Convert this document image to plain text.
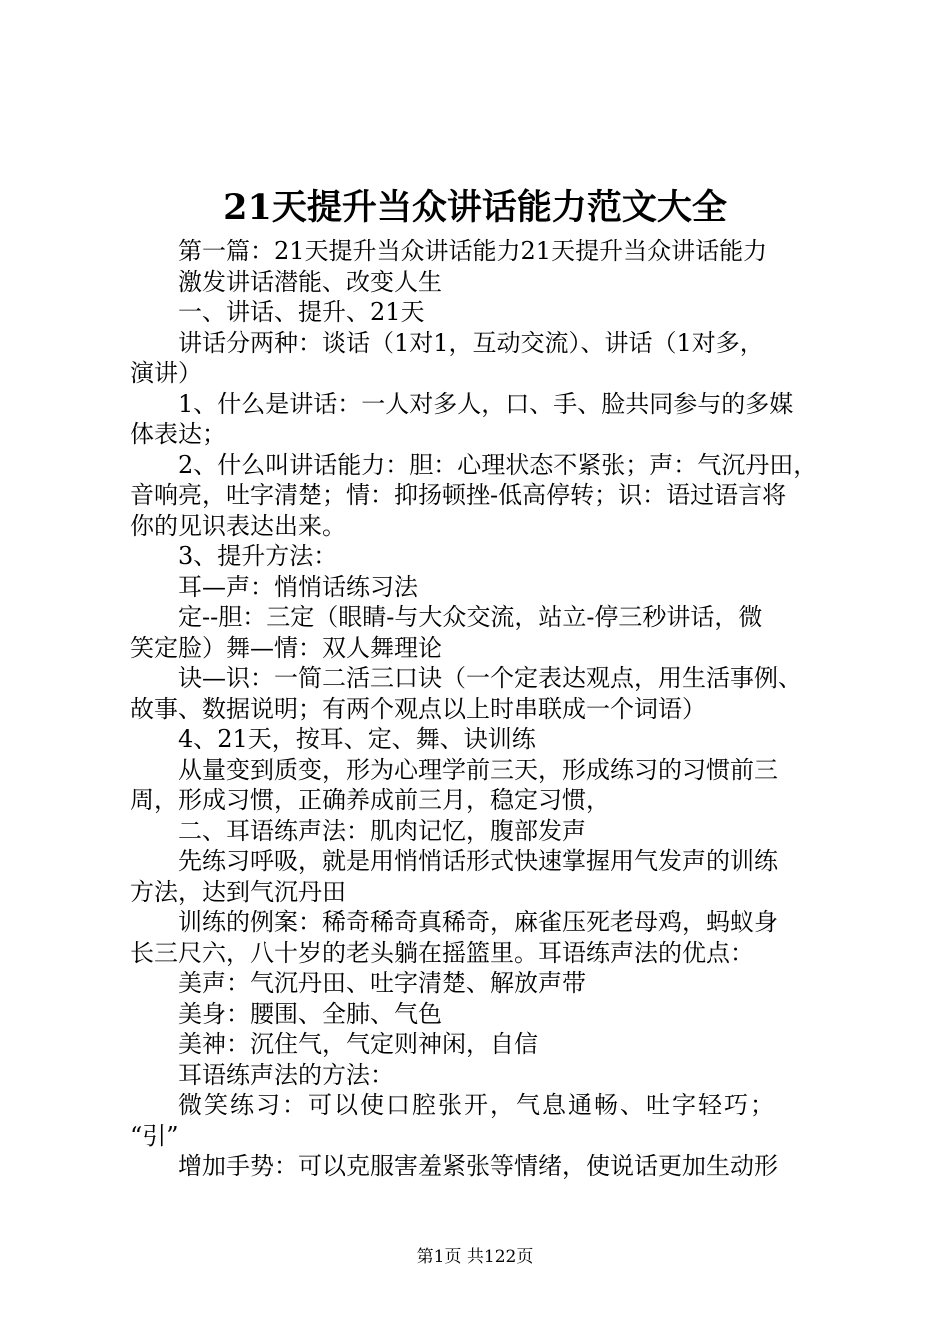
21天提升当众讲话能力范文大全

第一篇：21天提升当众讲话能力21天提升当众讲话能力

激发讲话潜能、改变人生

一、讲话、提升、21天

讲话分两种：谈话（1对1，互动交流）、讲话（1对多，

演讲）

1、什么是讲话：一人对多人，口、手、脸共同参与的多媒

体表达；

2、什么叫讲话能力：胆：心理状态不紧张；声：气沉丹田，

音响亮，吐字清楚；情：抑扬顿挫-低高停转；识：语过语言将

你的见识表达出来。

3、提升方法：

耳—声：悄悄话练习法

定--胆：三定（眼睛-与大众交流，站立-停三秒讲话，微

笑定脸）舞—情：双人舞理论

诀—识：一简二活三口诀（一个定表达观点，用生活事例、

故事、数据说明；有两个观点以上时串联成一个词语）

4、21天，按耳、定、舞、诀训练

从量变到质变，形为心理学前三天，形成练习的习惯前三

周，形成习惯，正确养成前三月，稳定习惯，

二、耳语练声法：肌肉记忆，腹部发声

先练习呼吸，就是用悄悄话形式快速掌握用气发声的训练

方法，达到气沉丹田

训练的例案：稀奇稀奇真稀奇，麻雀压死老母鸡，蚂蚁身

长三尺六，八十岁的老头躺在摇篮里。耳语练声法的优点：

美声：气沉丹田、吐字清楚、解放声带

美身：腰围、全肺、气色

美神：沉住气，气定则神闲，自信

耳语练声法的方法：

微笑练习：可以使口腔张开，气息通畅、吐字轻巧；

“引”

增加手势：可以克服害羞紧张等情绪，使说话更加生动形

第1页 共122页
